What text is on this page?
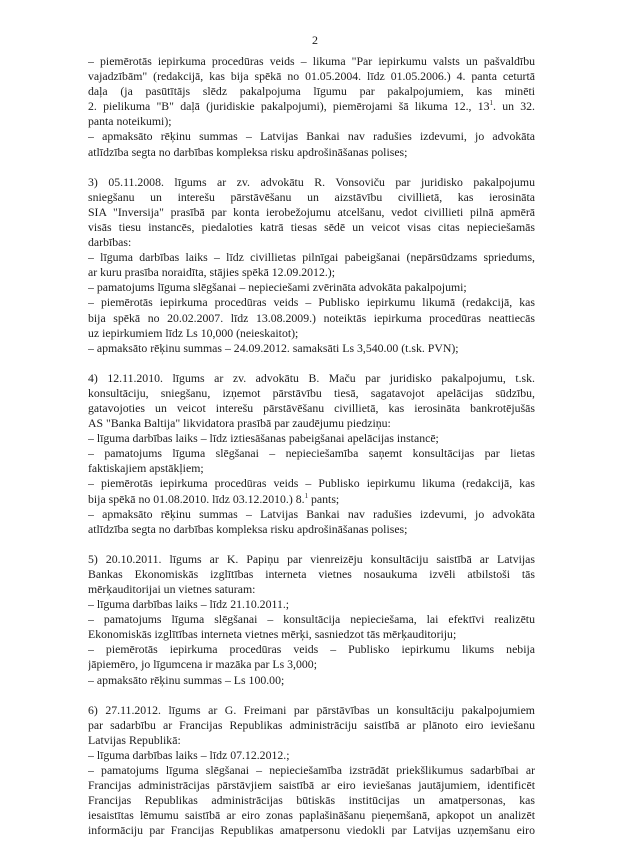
2
– piemērotās iepirkuma procedūras veids – likuma "Par iepirkumu valsts un pašvaldību
vajadzībām" (redakcijā, kas bija spēkā no 01.05.2004. līdz 01.05.2006.) 4. panta ceturtā
daļa (ja pasūtītājs slēdz pakalpojuma līgumu par pakalpojumiem, kas minēti
2. pielikuma "B" daļā (juridiskie pakalpojumi), piemērojami šā likuma 12., $13^1$. un 32.
panta noteikumi);
– apmaksāto rēķinu summas – Latvijas Bankai nav radušies izdevumi, jo advokāta
atlīdzība segta no darbības kompleksa risku apdrošināšanas polises;
3) 05.11.2008. līgums ar zv. advokātu R. Vonsoviču par juridisko pakalpojumu
sniegšanu un interešu pārstāvēšanu un aizstāvību civillietā, kas ierosināta
SIA "Inversija" prasībā par konta ierobežojumu atcelšanu, vedot civillieti pilnā apmērā
visās tiesu instancēs, piedaloties katrā tiesas sēdē un veicot visas citas nepieciešamās
darbības:
– līguma darbības laiks – līdz civillietas pilnīgai pabeigšanai (nepārsūdzams spriedums,
ar kuru prasība noraidīta, stājies spēkā 12.09.2012.);
– pamatojums līguma slēgšanai – nepieciešami zvērināta advokāta pakalpojumi;
– piemērotās iepirkuma procedūras veids – Publisko iepirkumu likumā (redakcijā, kas
bija spēkā no 20.02.2007. līdz 13.08.2009.) noteiktās iepirkuma procedūras neattiecās
uz iepirkumiem līdz Ls 10,000 (neieskaitot);
– apmaksāto rēķinu summas – 24.09.2012. samaksāti Ls 3,540.00 (t.sk. PVN);
4) 12.11.2010. līgums ar zv. advokātu B. Maču par juridisko pakalpojumu, t.sk.
konsultāciju, sniegšanu, izņemot pārstāvību tiesā, sagatavojot apelācijas sūdzību,
gatavojoties un veicot interešu pārstāvēšanu civillietā, kas ierosināta bankrotējušās
AS "Banka Baltija" likvidatora prasībā par zaudējumu piedziņu:
– līguma darbības laiks – līdz iztiesāšanas pabeigšanai apelācijas instancē;
– pamatojums līguma slēgšanai – nepieciešamība saņemt konsultācijas par lietas
faktiskajiem apstākļiem;
– piemērotās iepirkuma procedūras veids – Publisko iepirkumu likuma (redakcijā, kas
bija spēkā no 01.08.2010. līdz 03.12.2010.) 8.$^1$ pants;
– apmaksāto rēķinu summas – Latvijas Bankai nav radušies izdevumi, jo advokāta
atlīdzība segta no darbības kompleksa risku apdrošināšanas polises;
5) 20.10.2011. līgums ar K. Papiņu par vienreizēju konsultāciju saistībā ar Latvijas
Bankas Ekonomiskās izglītības interneta vietnes nosaukuma izvēli atbilstoši tās
mērķauditorijai un vietnes saturam:
– līguma darbības laiks – līdz 21.10.2011.;
– pamatojums līguma slēgšanai – konsultācija nepieciešama, lai efektīvi realizētu
Ekonomiskās izglītības interneta vietnes mērķi, sasniedzot tās mērķauditoriju;
– piemērotās iepirkuma procedūras veids – Publisko iepirkumu likums nebija
jāpiemēro, jo līgumcena ir mazāka par Ls 3,000;
– apmaksāto rēķinu summas – Ls 100.00;
6) 27.11.2012. līgums ar G. Freimani par pārstāvības un konsultāciju pakalpojumiem
par sadarbību ar Francijas Republikas administrāciju saistībā ar plānoto eiro ieviešanu
Latvijas Republikā:
– līguma darbības laiks – līdz 07.12.2012.;
– pamatojums līguma slēgšanai – nepieciešamība izstrādāt priekšlikumus sadarbībai ar
Francijas administrācijas pārstāvjiem saistībā ar eiro ieviešanas jautājumiem, identificēt
Francijas Republikas administrācijas būtiskās institūcijas un amatpersonas, kas
iesaistītas lēmumu saistībā ar eiro zonas paplašināšanu pieņemšanā, apkopot un analizēt
informāciju par Francijas Republikas amatpersonu viedokli par Latvijas uzņemšanu eiro
